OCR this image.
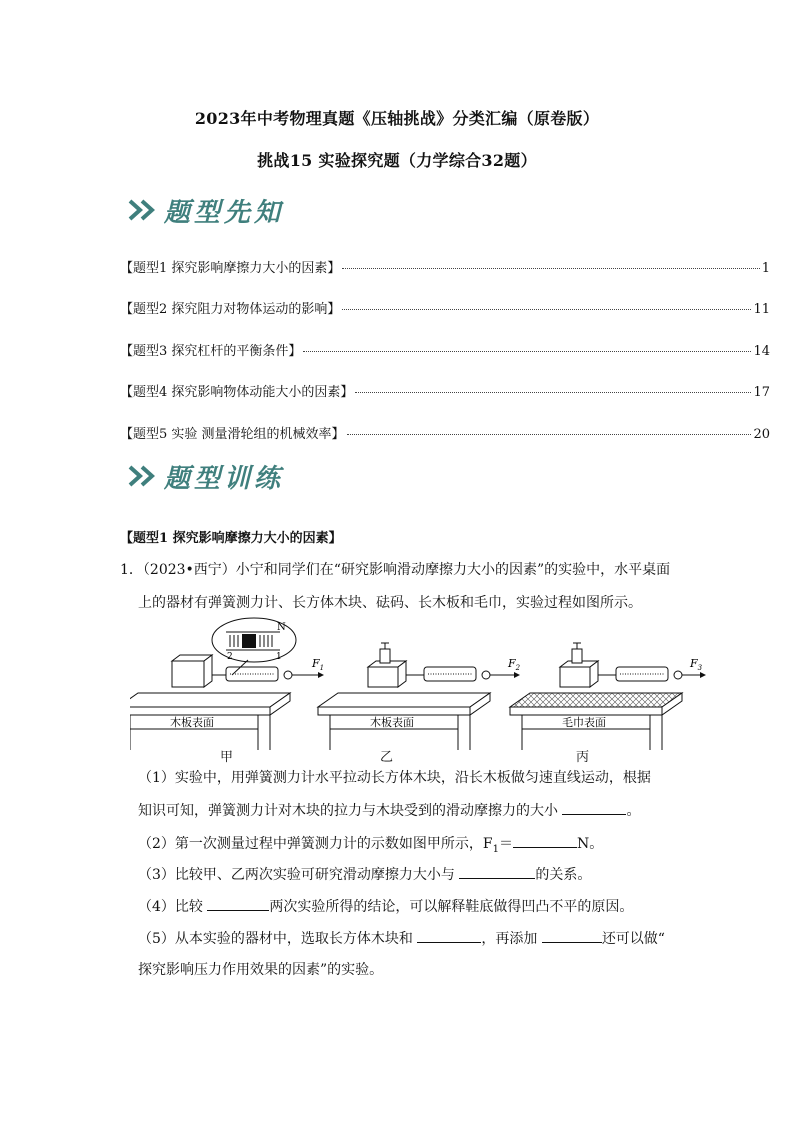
2023年中考物理真题《压轴挑战》分类汇编（原卷版）
挑战15 实验探究题（力学综合32题）
题型先知
【题型1 探究影响摩擦力大小的因素】	1
【题型2 探究阻力对物体运动的影响】	11
【题型3 探究杠杆的平衡条件】	14
【题型4 探究影响物体动能大小的因素】	17
【题型5 实验 测量滑轮组的机械效率】	20
题型训练
【题型1 探究影响摩擦力大小的因素】
1．（2023•西宁）小宁和同学们在“研究影响滑动摩擦力大小的因素”的实验中，水平桌面
上的器材有弹簧测力计、长方体木块、砝码、长木板和毛巾，实验过程如图所示。
N
1
2	$F_1$
木板表面
$F_2$
木板表面
$F_3$
毛巾表面
甲	乙	丙
（1）实验中，用弹簧测力计水平拉动长方体木块，沿长木板做匀速直线运动，根据
知识可知，弹簧测力计对木块的拉力与木块受到的滑动摩擦力的大小	。
（2）第一次测量过程中弹簧测力计的示数如图甲所示，$F_1=$	N。
（3）比较甲、乙两次实验可研究滑动摩擦力大小与	的关系。
（4）比较	两次实验所得的结论，可以解释鞋底做得凹凸不平的原因。
（5）从本实验的器材中，选取长方体木块和	，再添加	还可以做“
探究影响压力作用效果的因素”的实验。
